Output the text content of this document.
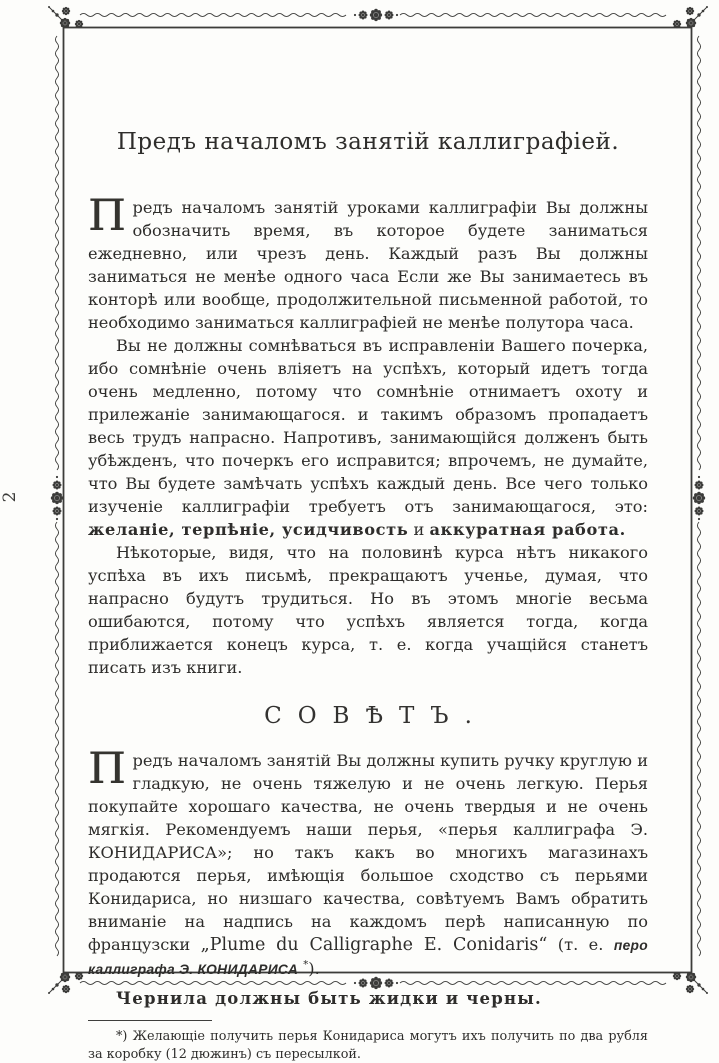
2
Предъ началомъ занятій каллиграфіей.

Предъ началомъ занятій уроками каллиграфіи Вы должны обозначить время, въ которое будете заниматься ежедневно, или чрезъ день. Каждый разъ Вы должны заниматься не менѣе одного часа Если же Вы занимаетесь въ конторѣ или вообще, продолжительной письменной работой, то необходимо заниматься каллиграфіей не менѣе полутора часа.

Вы не должны сомнѣваться въ исправленіи Вашего почерка, ибо сомнѣніе очень вліяетъ на успѣхъ, который идетъ тогда очень медленно, потому что сомнѣніе отнимаетъ охоту и прилежаніе занимающагося. и такимъ образомъ пропадаетъ весь трудъ напрасно. Напротивъ, занимающійся долженъ быть убѣжденъ, что почеркъ его исправится; впрочемъ, не думайте, что Вы будете замѣчать успѣхъ каждый день. Все чего только изученіе каллиграфіи требуетъ отъ занимающагося, это: желаніе, терпѣніе, усидчивость и аккуратная работа.

Нѣкоторые, видя, что на половинѣ курса нѣтъ никакого успѣха въ ихъ письмѣ, прекращаютъ ученье, думая, что напрасно будутъ трудиться. Но въ этомъ многіе весьма ошибаются, потому что успѣхъ является тогда, когда приближается конецъ курса, т. е. когда учащійся станетъ писать изъ книги.

СОВѢТЪ.

Предъ началомъ занятій Вы должны купить ручку круглую и гладкую, не очень тяжелую и не очень легкую. Перья покупайте хорошаго качества, не очень твердыя и не очень мягкія. Рекомендуемъ наши перья, «перья каллиграфа Э. КОНИДАРИСА»; но такъ какъ во многихъ магазинахъ продаются перья, имѣющія большое сходство съ перьями Конидариса, но низшаго качества, совѣтуемъ Вамъ обратить вниманіе на надпись на каждомъ перѣ написанную по французски „Plume du Calligraphe E. Conidaris“ (т. е. перо каллиграфа Э. КОНИДАРИСА *).

Чернила должны быть жидки и черны.

*) Желающіе получить перья Конидариса могутъ ихъ получить по два рубля за коробку (12 дюжинъ) съ пересылкой.
